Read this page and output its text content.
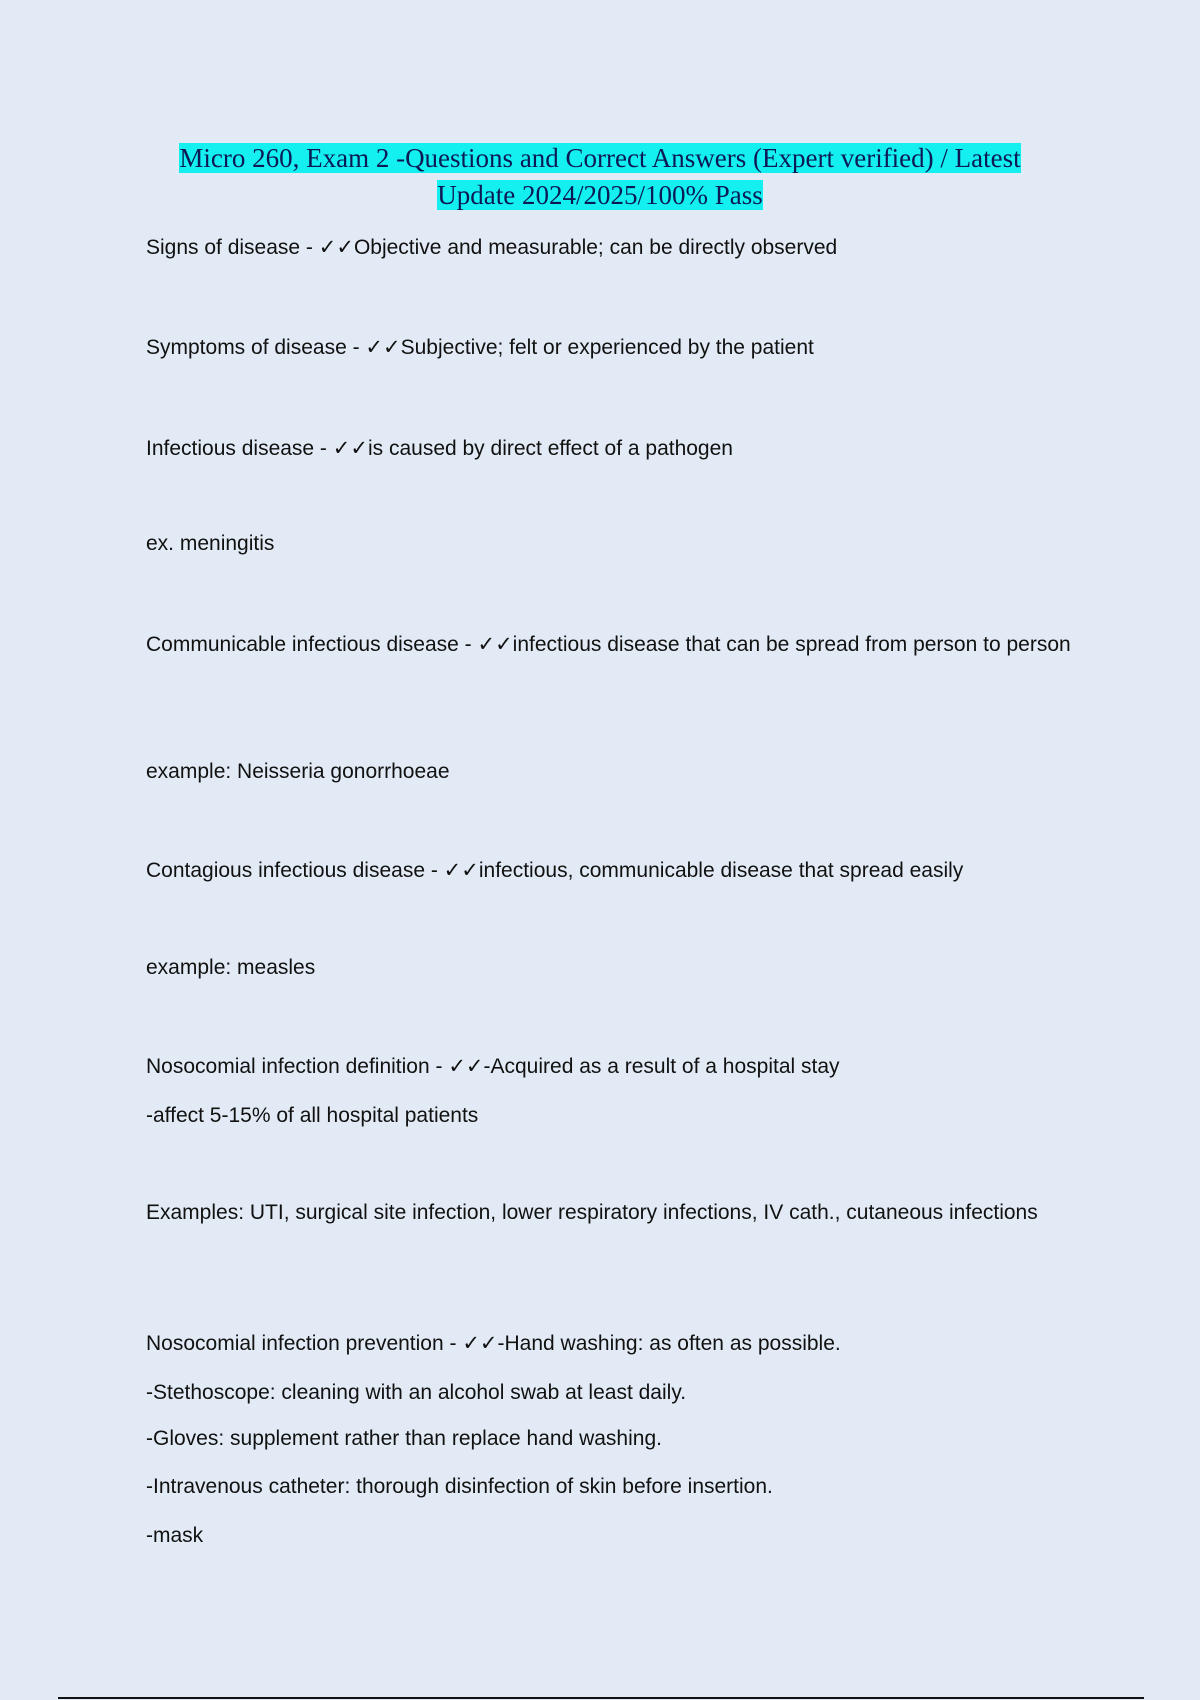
Micro 260, Exam 2 -Questions and Correct Answers (Expert verified) / Latest
Update 2024/2025/100% Pass

Signs of disease - ✓✓Objective and measurable; can be directly observed

Symptoms of disease - ✓✓Subjective; felt or experienced by the patient

Infectious disease - ✓✓is caused by direct effect of a pathogen

ex. meningitis

Communicable infectious disease - ✓✓infectious disease that can be spread from person to person

example: Neisseria gonorrhoeae

Contagious infectious disease - ✓✓infectious, communicable disease that spread easily

example: measles

Nosocomial infection definition - ✓✓-Acquired as a result of a hospital stay

-affect 5-15% of all hospital patients

Examples: UTI, surgical site infection, lower respiratory infections, IV cath., cutaneous infections

Nosocomial infection prevention - ✓✓-Hand washing: as often as possible.

-Stethoscope: cleaning with an alcohol swab at least daily.

-Gloves: supplement rather than replace hand washing.

-Intravenous catheter: thorough disinfection of skin before insertion.

-mask
